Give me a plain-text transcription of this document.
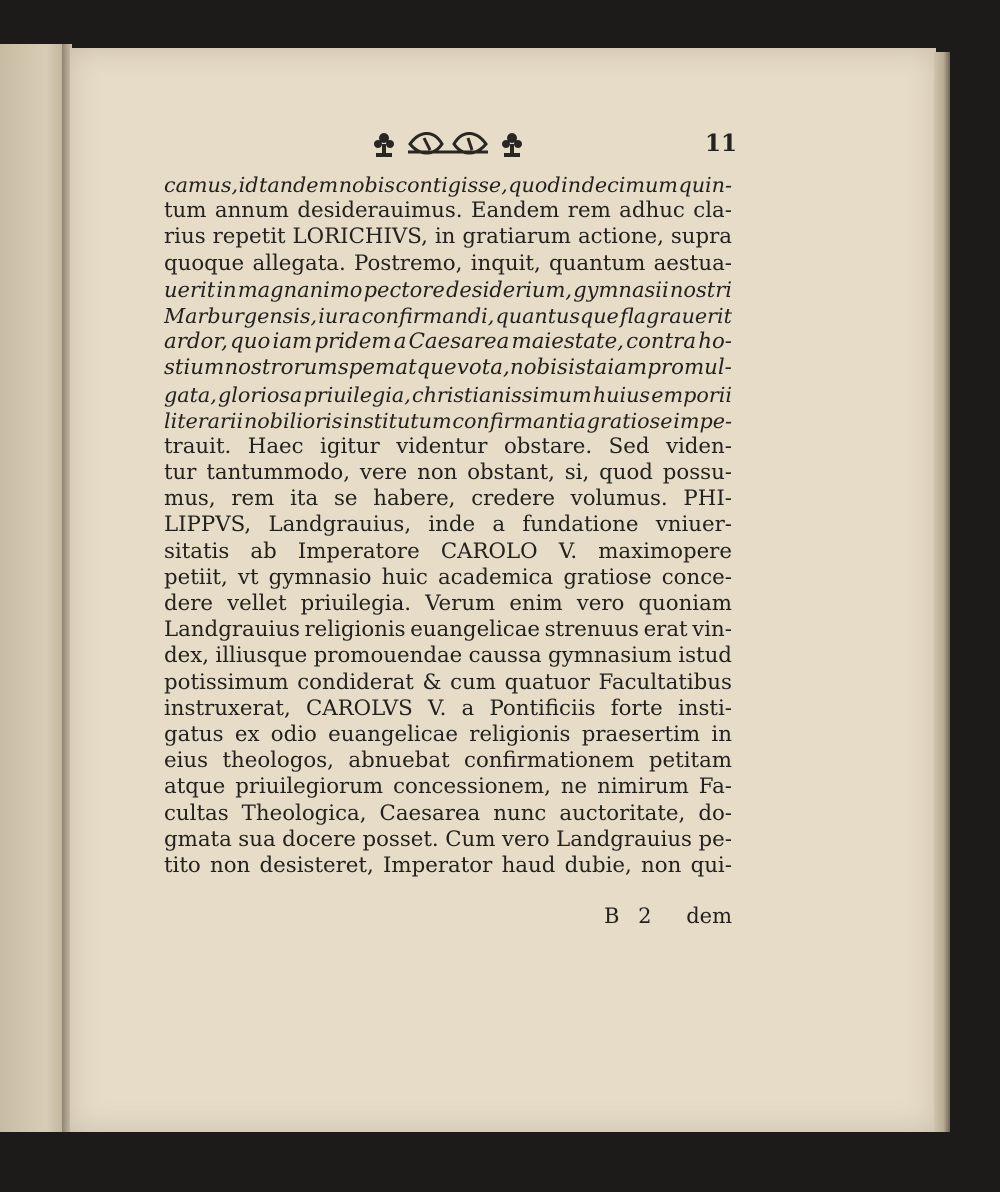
11
camus, id tandem nobis contigisse, quod in decimum quin-
tum annum desiderauimus. Eandem rem adhuc cla-
rius repetit LORICHIVS, in gratiarum actione, supra
quoque allegata. Postremo, inquit, quantum aestua-
uerit in magnanimo pectore desiderium, gymnasii nostri
Marburgensis, iura confirmandi, quantusque flagrauerit
ardor, quo iam pridem a Caesarea maiestate, contra ho-
stium nostrorum spem atque vota, nobis ista iam promul-
gata, gloriosa priuilegia, christianissimum huius emporii
literarii nobilioris institutum confirmantia gratiose impe-
trauit. Haec igitur videntur obstare. Sed viden-
tur tantummodo, vere non obstant, si, quod possu-
mus, rem ita se habere, credere volumus. PHI-
LIPPVS, Landgrauius, inde a fundatione vniuer-
sitatis ab Imperatore CAROLO V. maximopere
petiit, vt gymnasio huic academica gratiose conce-
dere vellet priuilegia. Verum enim vero quoniam
Landgrauius religionis euangelicae strenuus erat vin-
dex, illiusque promouendae caussa gymnasium istud
potissimum condiderat & cum quatuor Facultatibus
instruxerat, CAROLVS V. a Pontificiis forte insti-
gatus ex odio euangelicae religionis praesertim in
eius theologos, abnuebat confirmationem petitam
atque priuilegiorum concessionem, ne nimirum Fa-
cultas Theologica, Caesarea nunc auctoritate, do-
gmata sua docere posset. Cum vero Landgrauius pe-
tito non desisteret, Imperator haud dubie, non qui-
B 2 dem
